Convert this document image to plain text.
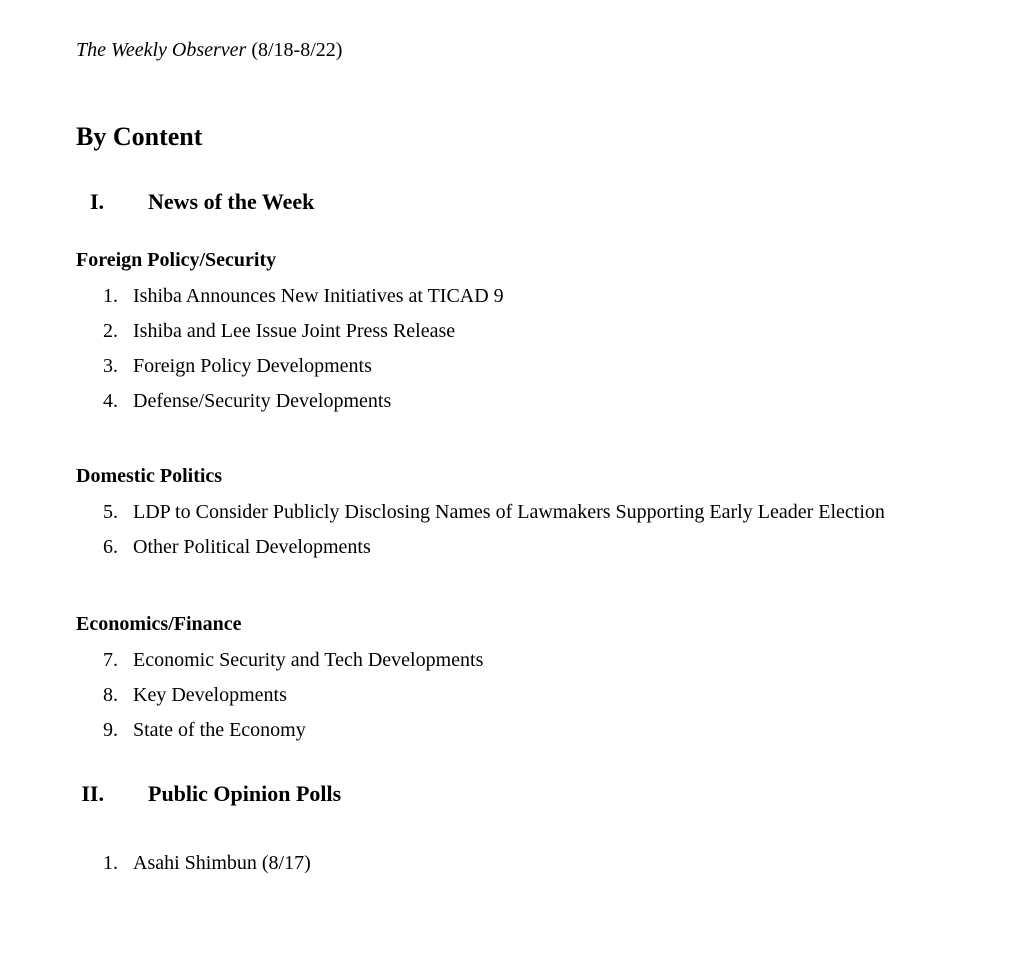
The Weekly Observer (8/18-8/22)

By Content
I. News of the Week
Foreign Policy/Security
1. Ishiba Announces New Initiatives at TICAD 9
2. Ishiba and Lee Issue Joint Press Release
3. Foreign Policy Developments
4. Defense/Security Developments
Domestic Politics
5. LDP to Consider Publicly Disclosing Names of Lawmakers Supporting Early Leader Election
6. Other Political Developments
Economics/Finance
7. Economic Security and Tech Developments
8. Key Developments
9. State of the Economy
II. Public Opinion Polls
1. Asahi Shimbun (8/17)
